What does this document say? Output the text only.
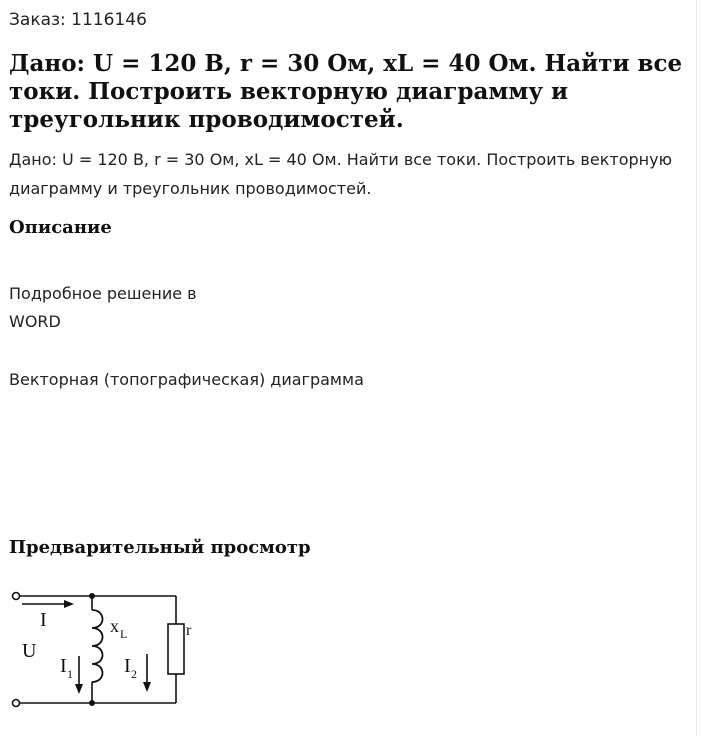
Заказ: 1116146
Дано: U = 120 В, r = 30 Ом, xL = 40 Ом. Найти все токи. Построить векторную диаграмму и треугольник проводимостей.

Дано: U = 120 В, r = 30 Ом, xL = 40 Ом. Найти все токи. Построить векторную диаграмму и треугольник проводимостей.

Описание

Подробное решение в

WORD

Векторная (топографическая) диаграмма

Предварительный просмотр
I
U
I 1
x L
I 2
r
